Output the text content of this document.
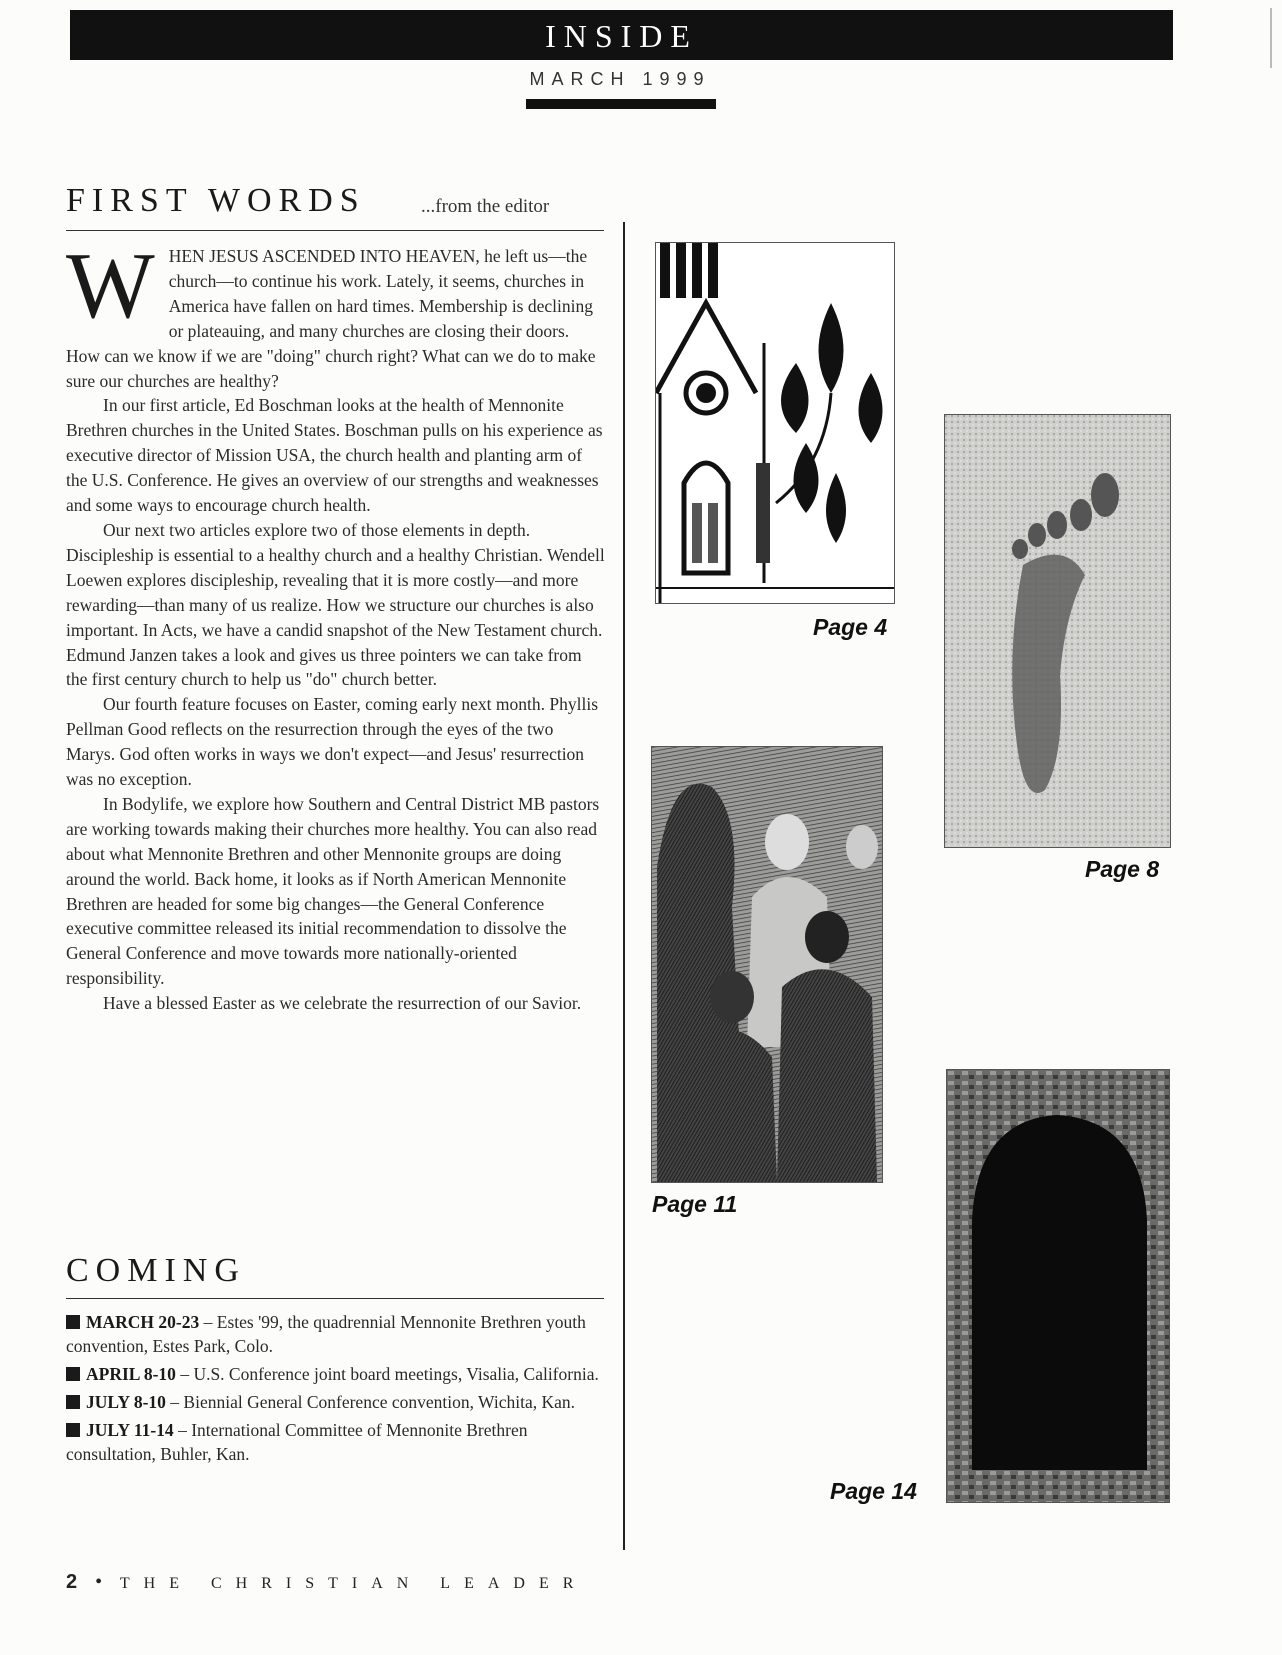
INSIDE
MARCH 1999
FIRST WORDS	...from the editor

WHEN JESUS ASCENDED INTO HEAVEN, he left us—the church—to continue his work. Lately, it seems, churches in America have fallen on hard times. Membership is declining or plateauing, and many churches are closing their doors. How can we know if we are "doing" church right? What can we do to make sure our churches are healthy?

In our first article, Ed Boschman looks at the health of Mennonite Brethren churches in the United States. Boschman pulls on his experience as executive director of Mission USA, the church health and planting arm of the U.S. Conference. He gives an overview of our strengths and weaknesses and some ways to encourage church health.

Our next two articles explore two of those elements in depth. Discipleship is essential to a healthy church and a healthy Christian. Wendell Loewen explores discipleship, revealing that it is more costly—and more rewarding—than many of us realize. How we structure our churches is also important. In Acts, we have a candid snapshot of the New Testament church. Edmund Janzen takes a look and gives us three pointers we can take from the first century church to help us "do" church better.

Our fourth feature focuses on Easter, coming early next month. Phyllis Pellman Good reflects on the resurrection through the eyes of the two Marys. God often works in ways we don't expect—and Jesus' resurrection was no exception.

In Bodylife, we explore how Southern and Central District MB pastors are working towards making their churches more healthy. You can also read about what Mennonite Brethren and other Mennonite groups are doing around the world. Back home, it looks as if North American Mennonite Brethren are headed for some big changes—the General Conference executive committee released its initial recommendation to dissolve the General Conference and move towards more nationally-oriented responsibility.

Have a blessed Easter as we celebrate the resurrection of our Savior.

COMING
MARCH 20-23 – Estes '99, the quadrennial Mennonite Brethren youth convention, Estes Park, Colo.
APRIL 8-10 – U.S. Conference joint board meetings, Visalia, California.
JULY 8-10 – Biennial General Conference convention, Wichita, Kan.
JULY 11-14 – International Committee of Mennonite Brethren consultation, Buhler, Kan.
Page 4
Page 8
Page 11
Page 14
2 • THE CHRISTIAN LEADER
